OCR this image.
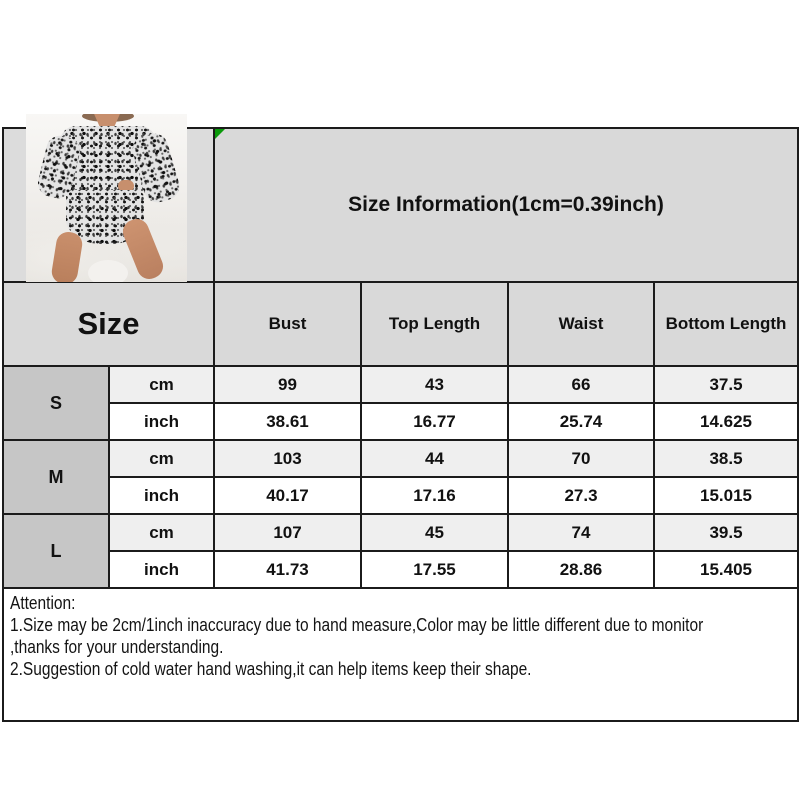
Size Information(1cm=0.39inch)
Size	Bust	Top Length	Waist	Bottom Length
S
cm	99	43	66	37.5
inch	38.61	16.77	25.74	14.625
M
cm	103	44	70	38.5
inch	40.17	17.16	27.3	15.015
L
cm	107	45	74	39.5
inch	41.73	17.55	28.86	15.405
Attention:
1.Size may be 2cm/1inch inaccuracy due to hand measure,Color may be little different due to monitor
,thanks for your understanding.
2.Suggestion of cold water hand washing,it can help items keep their shape.
